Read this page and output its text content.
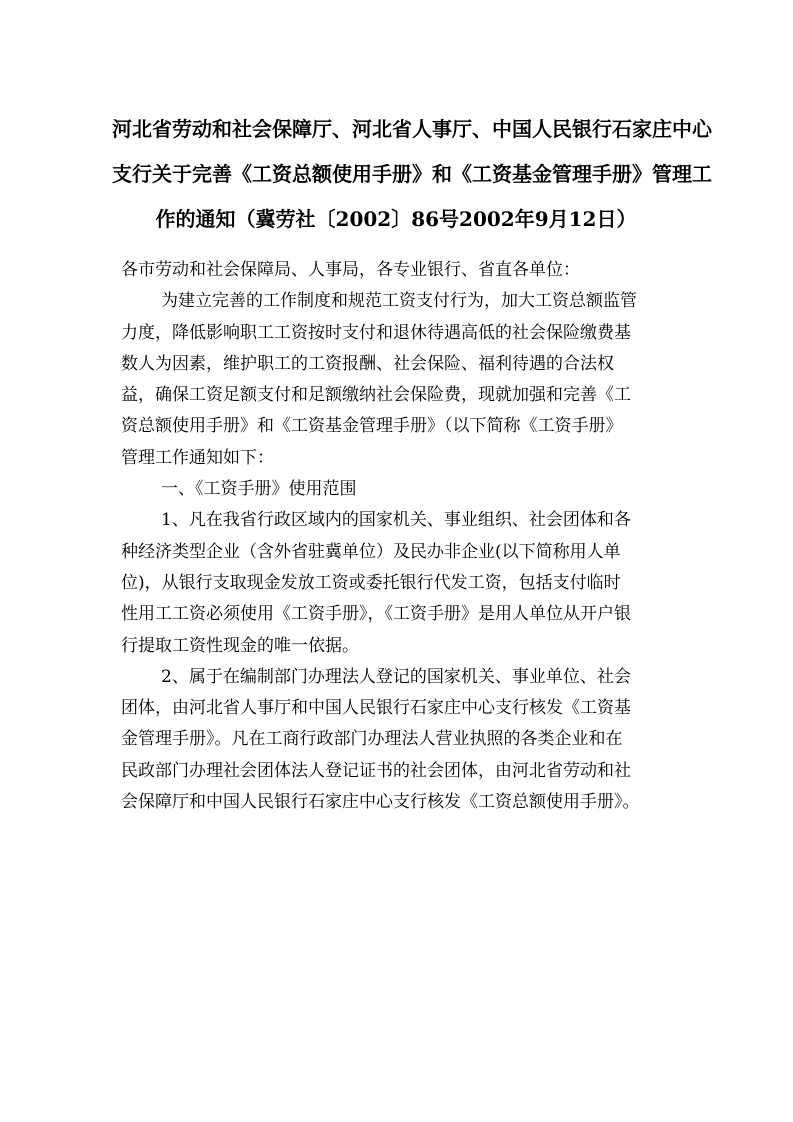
河北省劳动和社会保障厅、河北省人事厅、中国人民银行石家庄中心
支行关于完善《工资总额使用手册》和《工资基金管理手册》管理工
作的通知（冀劳社〔2002〕86号2002年9月12日）
各市劳动和社会保障局、人事局，各专业银行、省直各单位：
为建立完善的工作制度和规范工资支付行为，加大工资总额监管
力度，降低影响职工工资按时支付和退休待遇高低的社会保险缴费基
数人为因素，维护职工的工资报酬、社会保险、福利待遇的合法权
益，确保工资足额支付和足额缴纳社会保险费，现就加强和完善《工
资总额使用手册》和《工资基金管理手册》（以下简称《工资手册》
管理工作通知如下：
一、《工资手册》使用范围
1、凡在我省行政区域内的国家机关、事业组织、社会团体和各
种经济类型企业（含外省驻冀单位）及民办非企业(以下简称用人单
位)，从银行支取现金发放工资或委托银行代发工资，包括支付临时
性用工工资必须使用《工资手册》，《工资手册》是用人单位从开户银
行提取工资性现金的唯一依据。
2、属于在编制部门办理法人登记的国家机关、事业单位、社会
团体，由河北省人事厅和中国人民银行石家庄中心支行核发《工资基
金管理手册》。凡在工商行政部门办理法人营业执照的各类企业和在
民政部门办理社会团体法人登记证书的社会团体，由河北省劳动和社
会保障厅和中国人民银行石家庄中心支行核发《工资总额使用手册》。
